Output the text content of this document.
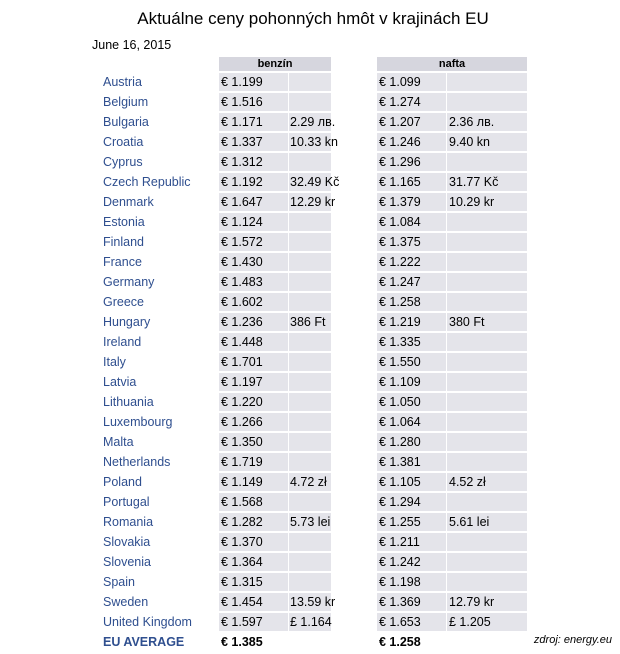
Aktuálne ceny pohonných hmôt v krajinách EU
June 16, 2015
benzín	nafta
Austria	€ 1.199	€ 1.099
Belgium	€ 1.516	€ 1.274
Bulgaria	€ 1.171	2.29 лв.	€ 1.207	2.36 лв.
Croatia	€ 1.337	10.33 kn	€ 1.246	9.40 kn
Cyprus	€ 1.312	€ 1.296
Czech Republic € 1.192	32.49 Kč	€ 1.165	31.77 Kč
Denmark	€ 1.647	12.29 kr	€ 1.379	10.29 kr
Estonia	€ 1.124	€ 1.084
Finland	€ 1.572	€ 1.375
France	€ 1.430	€ 1.222
Germany	€ 1.483	€ 1.247
Greece	€ 1.602	€ 1.258
Hungary	€ 1.236	386 Ft	€ 1.219	380 Ft
Ireland	€ 1.448	€ 1.335
Italy	€ 1.701	€ 1.550
Latvia	€ 1.197	€ 1.109
Lithuania	€ 1.220	€ 1.050
Luxembourg	€ 1.266	€ 1.064
Malta	€ 1.350	€ 1.280
Netherlands	€ 1.719	€ 1.381
Poland	€ 1.149	4.72 zł	€ 1.105	4.52 zł
Portugal	€ 1.568	€ 1.294
Romania	€ 1.282	5.73 lei	€ 1.255	5.61 lei
Slovakia	€ 1.370	€ 1.211
Slovenia	€ 1.364	€ 1.242
Spain	€ 1.315	€ 1.198
Sweden	€ 1.454	13.59 kr	€ 1.369	12.79 kr
United Kingdom € 1.597	£ 1.164	€ 1.653	£ 1.205
EU AVERAGE	€ 1.385	€ 1.258	zdroj: energy.eu
